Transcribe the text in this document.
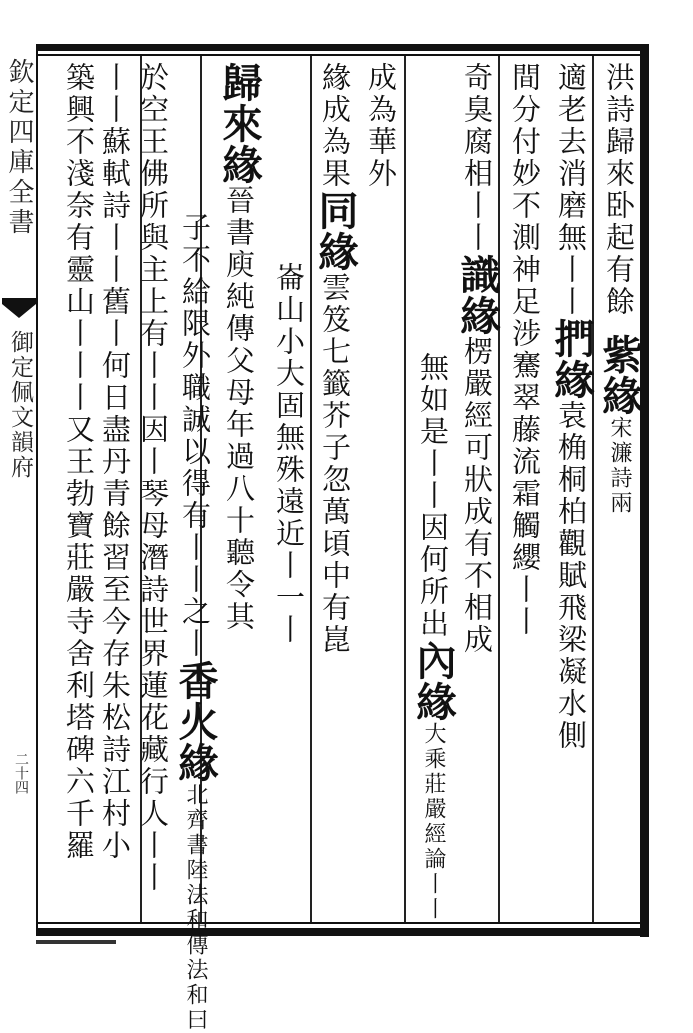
欽定四庫全書
御定佩文韻府
二十四
洪詩歸來卧起有餘紫緣宋濂詩兩
適老去消磨無丨丨捫緣袁桷桐柏觀賦飛梁凝水側
間分付妙不測神足涉騫翠藤流霜觸纓丨丨
奇臭腐相丨丨識緣楞嚴經可狀成有不相成
無如是丨丨因何所出內緣大乘莊嚴經論丨丨
成為華外
緣成為果同緣雲笈七籤芥子忽萬頃中有崑
崙山小大固無殊遠近丨一丨
歸來緣晉書庾純傳父母年過八十聽令其
子不給限外職誠以得有丨丨之丨香火緣北齊書陸法和傳法和曰
於空王佛所與主上有丨丨因丨琴母潛詩世界蓮花藏行人丨丨
丨丨蘇軾詩丨丨舊丨何日盡丹青餘習至今存朱松詩江村小
築興不淺奈有靈山丨丨丨又王勃寶莊嚴寺舍利塔碑六千羅
